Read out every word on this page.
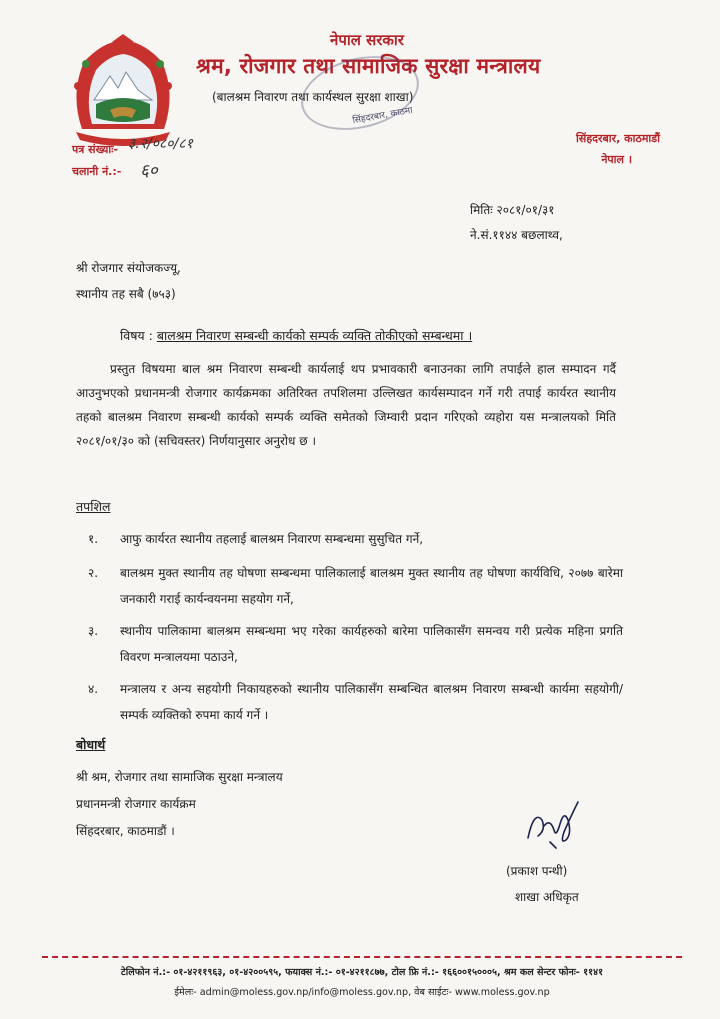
नेपाल सरकार
श्रम, रोजगार तथा सामाजिक सुरक्षा मन्त्रालय
(बालश्रम निवारण तथा कार्यस्थल सुरक्षा शाखा)
सिंहदरबार, काठमा
पत्र संख्याः- ३.२/०८०/८१
चलानी नं.:- ६०
सिंहदरबार, काठमाडौं
नेपाल ।
मितिः २०८१/०१/३१
ने.सं.११४४ बछलाथ्व,
श्री रोजगार संयोजकज्यू,
स्थानीय तह सबै (७५३)
विषय : बालश्रम निवारण सम्बन्धी कार्यको सम्पर्क व्यक्ति तोकीएको सम्बन्धमा ।
प्रस्तुत विषयमा बाल श्रम निवारण सम्बन्धी कार्यलाई थप प्रभावकारी बनाउनका लागि तपाईले हाल सम्पादन गर्दै आउनुभएको प्रधानमन्त्री रोजगार कार्यक्रमका अतिरिक्त तपशिलमा उल्लिखत कार्यसम्पादन गर्ने गरी तपाई कार्यरत स्थानीय तहको बालश्रम निवारण सम्बन्धी कार्यको सम्पर्क व्यक्ति समेतको जिम्वारी प्रदान गरिएको व्यहोरा यस मन्त्रालयको मिति २०८१/०१/३० को (सचिवस्तर) निर्णयानुसार अनुरोध छ ।
तपशिल
१.	आफु कार्यरत स्थानीय तहलाई बालश्रम निवारण सम्बन्धमा सुसुचित गर्ने,
२.	बालश्रम मुक्त स्थानीय तह घोषणा सम्बन्धमा पालिकालाई बालश्रम मुक्त स्थानीय तह घोषणा कार्यविधि, २०७७ बारेमा जनकारी गराई कार्यन्वयनमा सहयोग गर्ने,
३.	स्थानीय पालिकामा बालश्रम सम्बन्धमा भए गरेका कार्यहरुको बारेमा पालिकासँग समन्वय गरी प्रत्येक महिना प्रगति विवरण मन्त्रालयमा पठाउने,
४.	मन्त्रालय र अन्य सहयोगी निकायहरुको स्थानीय पालिकासँग सम्बन्धित बालश्रम निवारण सम्बन्धी कार्यमा सहयोगी/सम्पर्क व्यक्तिको रुपमा कार्य गर्ने ।
बोधार्थ
श्री श्रम, रोजगार तथा सामाजिक सुरक्षा मन्त्रालय
प्रधानमन्त्री रोजगार कार्यक्रम
सिंहदरबार, काठमाडौं ।
(प्रकाश पन्थी)
शाखा अधिकृत
टेलिफोन नं.:- ०१-४२११९६३, ०१-४२००५९५, फयाक्स नं.:- ०१-४२११८७७, टोल फ्रि नं.:- १६६००१५०००५, श्रम कल सेन्टर फोनः- ११४१
ईमेलः- admin@moless.gov.np/info@moless.gov.np, वेब साईटः- www.moless.gov.np
